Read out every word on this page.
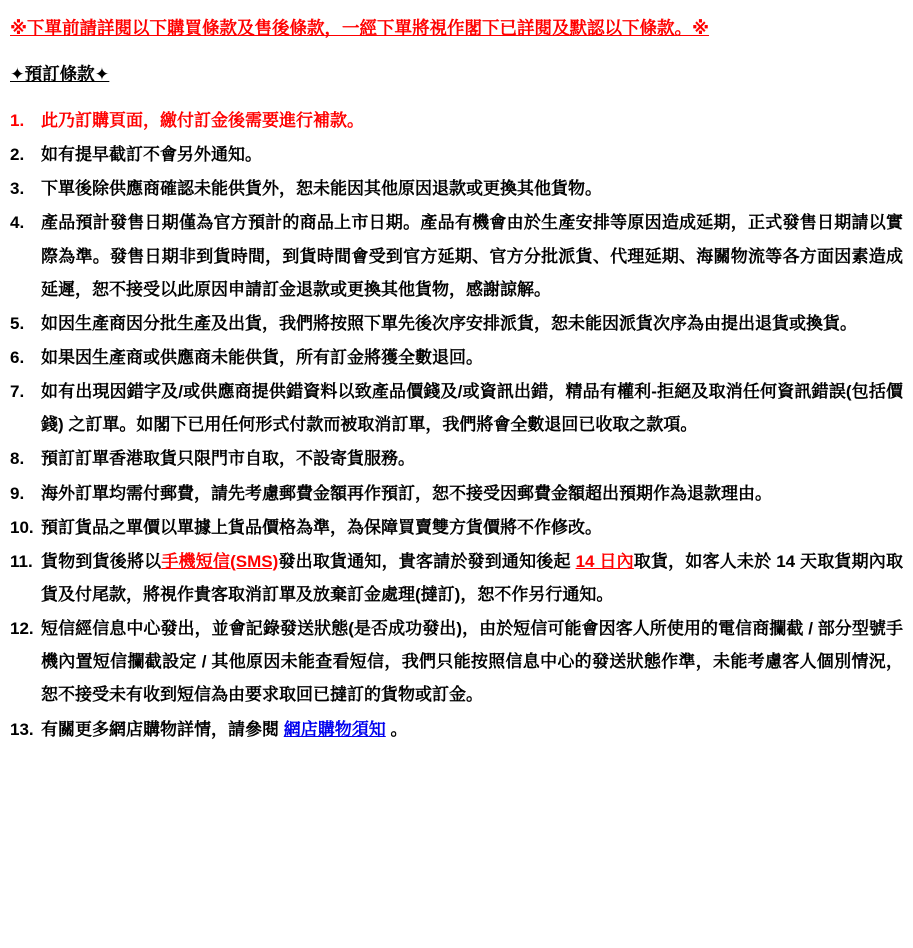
※下單前請詳閱以下購買條款及售後條款，一經下單將視作閣下已詳閱及默認以下條款。※

✦預訂條款✦

1. 此乃訂購頁面，繳付訂金後需要進行補款。
2. 如有提早截訂不會另外通知。
3. 下單後除供應商確認未能供貨外，恕未能因其他原因退款或更換其他貨物。
4. 產品預計發售日期僅為官方預計的商品上市日期。產品有機會由於生產安排等原因造成延期，正式發售日期請以實際為準。發售日期非到貨時間，到貨時間會受到官方延期、官方分批派貨、代理延期、海關物流等各方面因素造成延遲，恕不接受以此原因申請訂金退款或更換其他貨物，感謝諒解。
5. 如因生產商因分批生產及出貨，我們將按照下單先後次序安排派貨，恕未能因派貨次序為由提出退貨或換貨。
6. 如果因生產商或供應商未能供貨，所有訂金將獲全數退回。
7. 如有出現因錯字及/或供應商提供錯資料以致產品價錢及/或資訊出錯，精品有權利-拒絕及取消任何資訊錯誤(包括價錢) 之訂單。如閣下已用任何形式付款而被取消訂單，我們將會全數退回已收取之款項。
8. 預訂訂單香港取貨只限門市自取，不設寄貨服務。
9. 海外訂單均需付郵費，請先考慮郵費金額再作預訂，恕不接受因郵費金額超出預期作為退款理由。
10. 預訂貨品之單價以單據上貨品價格為準，為保障買賣雙方貨價將不作修改。
11. 貨物到貨後將以手機短信(SMS)發出取貨通知，貴客請於發到通知後起 14 日內取貨，如客人未於 14 天取貨期內取貨及付尾款，將視作貴客取消訂單及放棄訂金處理(撻訂)，恕不作另行通知。
12. 短信經信息中心發出，並會記錄發送狀態(是否成功發出)，由於短信可能會因客人所使用的電信商攔截 / 部分型號手機內置短信攔截設定 / 其他原因未能查看短信，我們只能按照信息中心的發送狀態作準，未能考慮客人個別情況，恕不接受未有收到短信為由要求取回已撻訂的貨物或訂金。
13. 有關更多網店購物詳情，請參閱 網店購物須知 。
